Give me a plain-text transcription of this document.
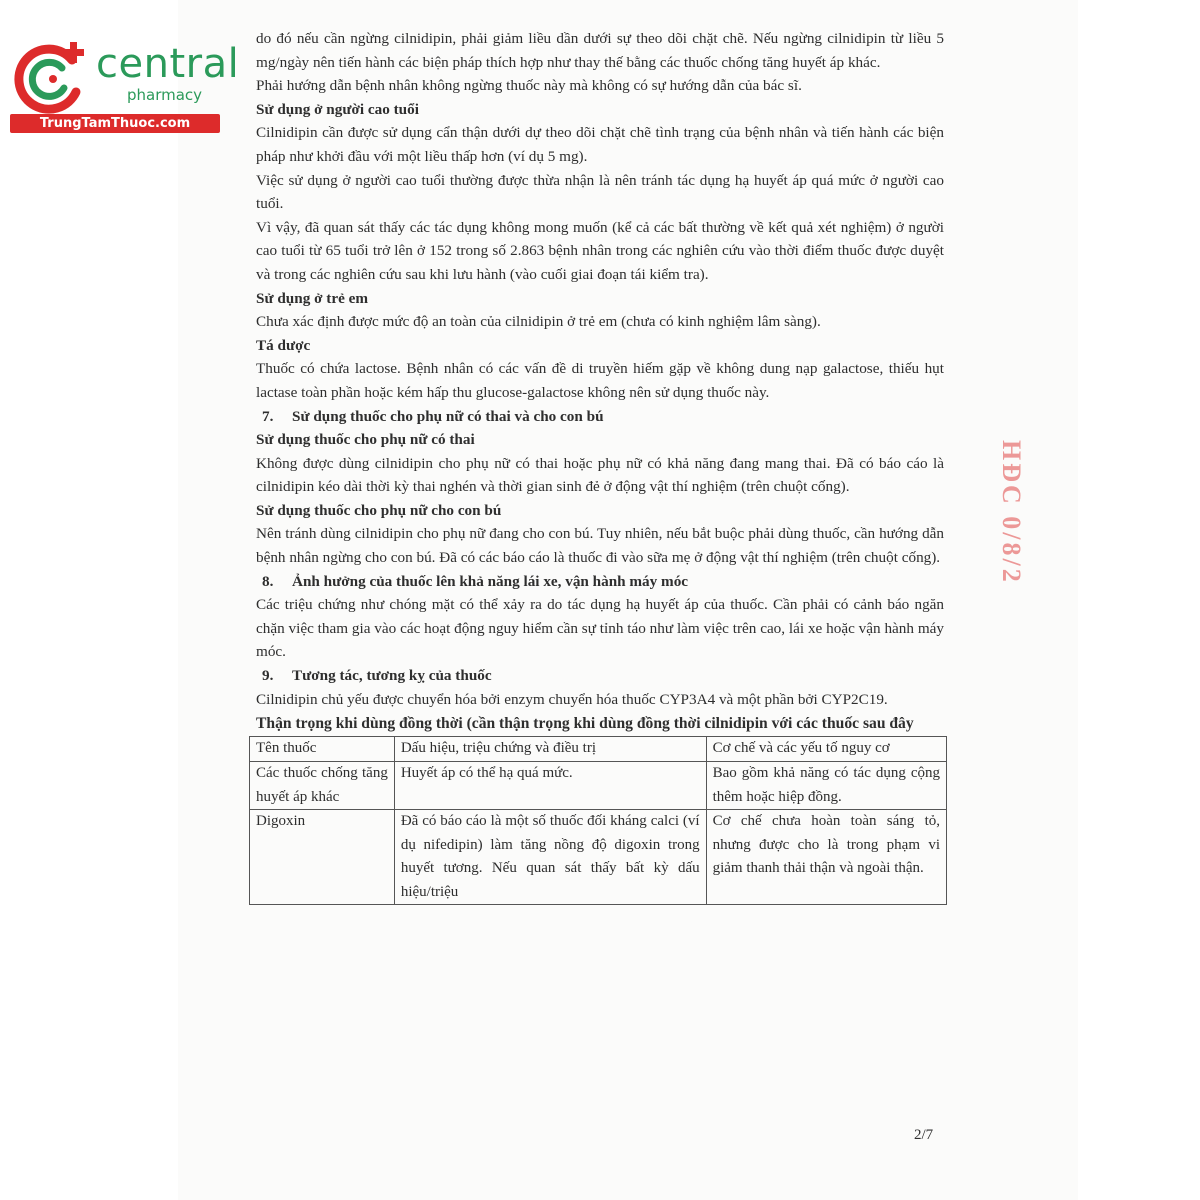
central
pharmacy
TrungTamThuoc.com

do đó nếu cần ngừng cilnidipin, phải giảm liều dần dưới sự theo dõi chặt chẽ. Nếu ngừng cilnidipin từ liều 5 mg/ngày nên tiến hành các biện pháp thích hợp như thay thế bằng các thuốc chống tăng huyết áp khác.

Phải hướng dẫn bệnh nhân không ngừng thuốc này mà không có sự hướng dẫn của bác sĩ.

Sử dụng ở người cao tuổi

Cilnidipin cần được sử dụng cẩn thận dưới dự theo dõi chặt chẽ tình trạng của bệnh nhân và tiến hành các biện pháp như khởi đầu với một liều thấp hơn (ví dụ 5 mg).

Việc sử dụng ở người cao tuổi thường được thừa nhận là nên tránh tác dụng hạ huyết áp quá mức ở người cao tuổi.

Vì vậy, đã quan sát thấy các tác dụng không mong muốn (kể cả các bất thường về kết quả xét nghiệm) ở người cao tuổi từ 65 tuổi trở lên ở 152 trong số 2.863 bệnh nhân trong các nghiên cứu vào thời điểm thuốc được duyệt và trong các nghiên cứu sau khi lưu hành (vào cuối giai đoạn tái kiểm tra).

Sử dụng ở trẻ em

Chưa xác định được mức độ an toàn của cilnidipin ở trẻ em (chưa có kinh nghiệm lâm sàng).

Tá dược

Thuốc có chứa lactose. Bệnh nhân có các vấn đề di truyền hiếm gặp về không dung nạp galactose, thiếu hụt lactase toàn phần hoặc kém hấp thu glucose-galactose không nên sử dụng thuốc này.

7. Sử dụng thuốc cho phụ nữ có thai và cho con bú

Sử dụng thuốc cho phụ nữ có thai

Không được dùng cilnidipin cho phụ nữ có thai hoặc phụ nữ có khả năng đang mang thai. Đã có báo cáo là cilnidipin kéo dài thời kỳ thai nghén và thời gian sinh đẻ ở động vật thí nghiệm (trên chuột cống).

Sử dụng thuốc cho phụ nữ cho con bú

Nên tránh dùng cilnidipin cho phụ nữ đang cho con bú. Tuy nhiên, nếu bắt buộc phải dùng thuốc, cần hướng dẫn bệnh nhân ngừng cho con bú. Đã có các báo cáo là thuốc đi vào sữa mẹ ở động vật thí nghiệm (trên chuột cống).

8. Ảnh hưởng của thuốc lên khả năng lái xe, vận hành máy móc

Các triệu chứng như chóng mặt có thể xảy ra do tác dụng hạ huyết áp của thuốc. Cần phải có cảnh báo ngăn chặn việc tham gia vào các hoạt động nguy hiểm cần sự tỉnh táo như làm việc trên cao, lái xe hoặc vận hành máy móc.

9. Tương tác, tương kỵ của thuốc

Cilnidipin chủ yếu được chuyển hóa bởi enzym chuyển hóa thuốc CYP3A4 và một phần bởi CYP2C19.

Thận trọng khi dùng đồng thời (cần thận trọng khi dùng đồng thời cilnidipin với các thuốc sau đây

Tên thuốc	Dấu hiệu, triệu chứng và điều trị	Cơ chế và các yếu tố nguy cơ
Các thuốc chống tăng huyết áp khác	Huyết áp có thể hạ quá mức.	Bao gồm khả năng có tác dụng cộng thêm hoặc hiệp đồng.
Digoxin	Đã có báo cáo là một số thuốc đối kháng calci (ví dụ nifedipin) làm tăng nồng độ digoxin trong huyết tương. Nếu quan sát thấy bất kỳ dấu hiệu/triệu	Cơ chế chưa hoàn toàn sáng tỏ, nhưng được cho là trong phạm vi giảm thanh thải thận và ngoài thận.
HĐC 0/8/2
2/7
